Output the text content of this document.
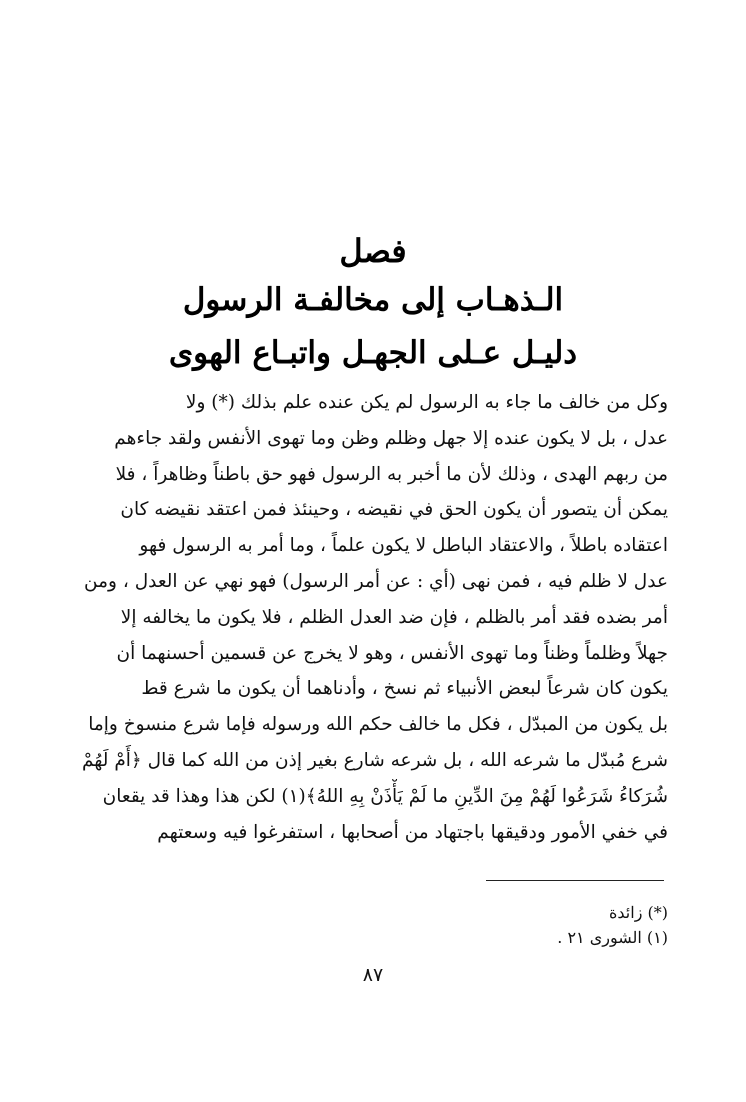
فصل
الـذهـاب إلى مخالفـة الرسول
دليـل عـلى الجهـل واتبـاع الهوى
وكل من خالف ما جاء به الرسول لم يكن عنده علم بذلك (*) ولا
عدل ، بل لا يكون عنده إلا جهل وظلم وظن وما تهوى الأنفس ولقد جاءهم
من ربهم الهدى ، وذلك لأن ما أخبر به الرسول فهو حق باطناً وظاهراً ، فلا
يمكن أن يتصور أن يكون الحق في نقيضه ، وحينئذ فمن اعتقد نقيضه كان
اعتقاده باطلاً ، والاعتقاد الباطل لا يكون علماً ، وما أمر به الرسول فهو
عدل لا ظلم فيه ، فمن نهى (أي : عن أمر الرسول) فهو نهي عن العدل ، ومن
أمر بضده فقد أمر بالظلم ، فإن ضد العدل الظلم ، فلا يكون ما يخالفه إلا
جهلاً وظلماً وظناً وما تهوى الأنفس ، وهو لا يخرج عن قسمين أحسنهما أن
يكون كان شرعاً لبعض الأنبياء ثم نسخ ، وأدناهما أن يكون ما شرع قط
بل يكون من المبدّل ، فكل ما خالف حكم الله ورسوله فإما شرع منسوخ وإما
شرع مُبدّل ما شرعه الله ، بل شرعه شارع بغير إذن من الله كما قال ﴿أَمْ لَهُمْ
شُرَكاءُ شَرَعُوا لَهُمْ مِنَ الدِّينِ ما لَمْ يَأْذَنْ بِهِ اللهُ﴾(١) لكن هذا وهذا قد يقعان
في خفي الأمور ودقيقها باجتهاد من أصحابها ، استفرغوا فيه وسعتهم
(*) زائدة
(١) الشورى ٢١ .
٨٧
